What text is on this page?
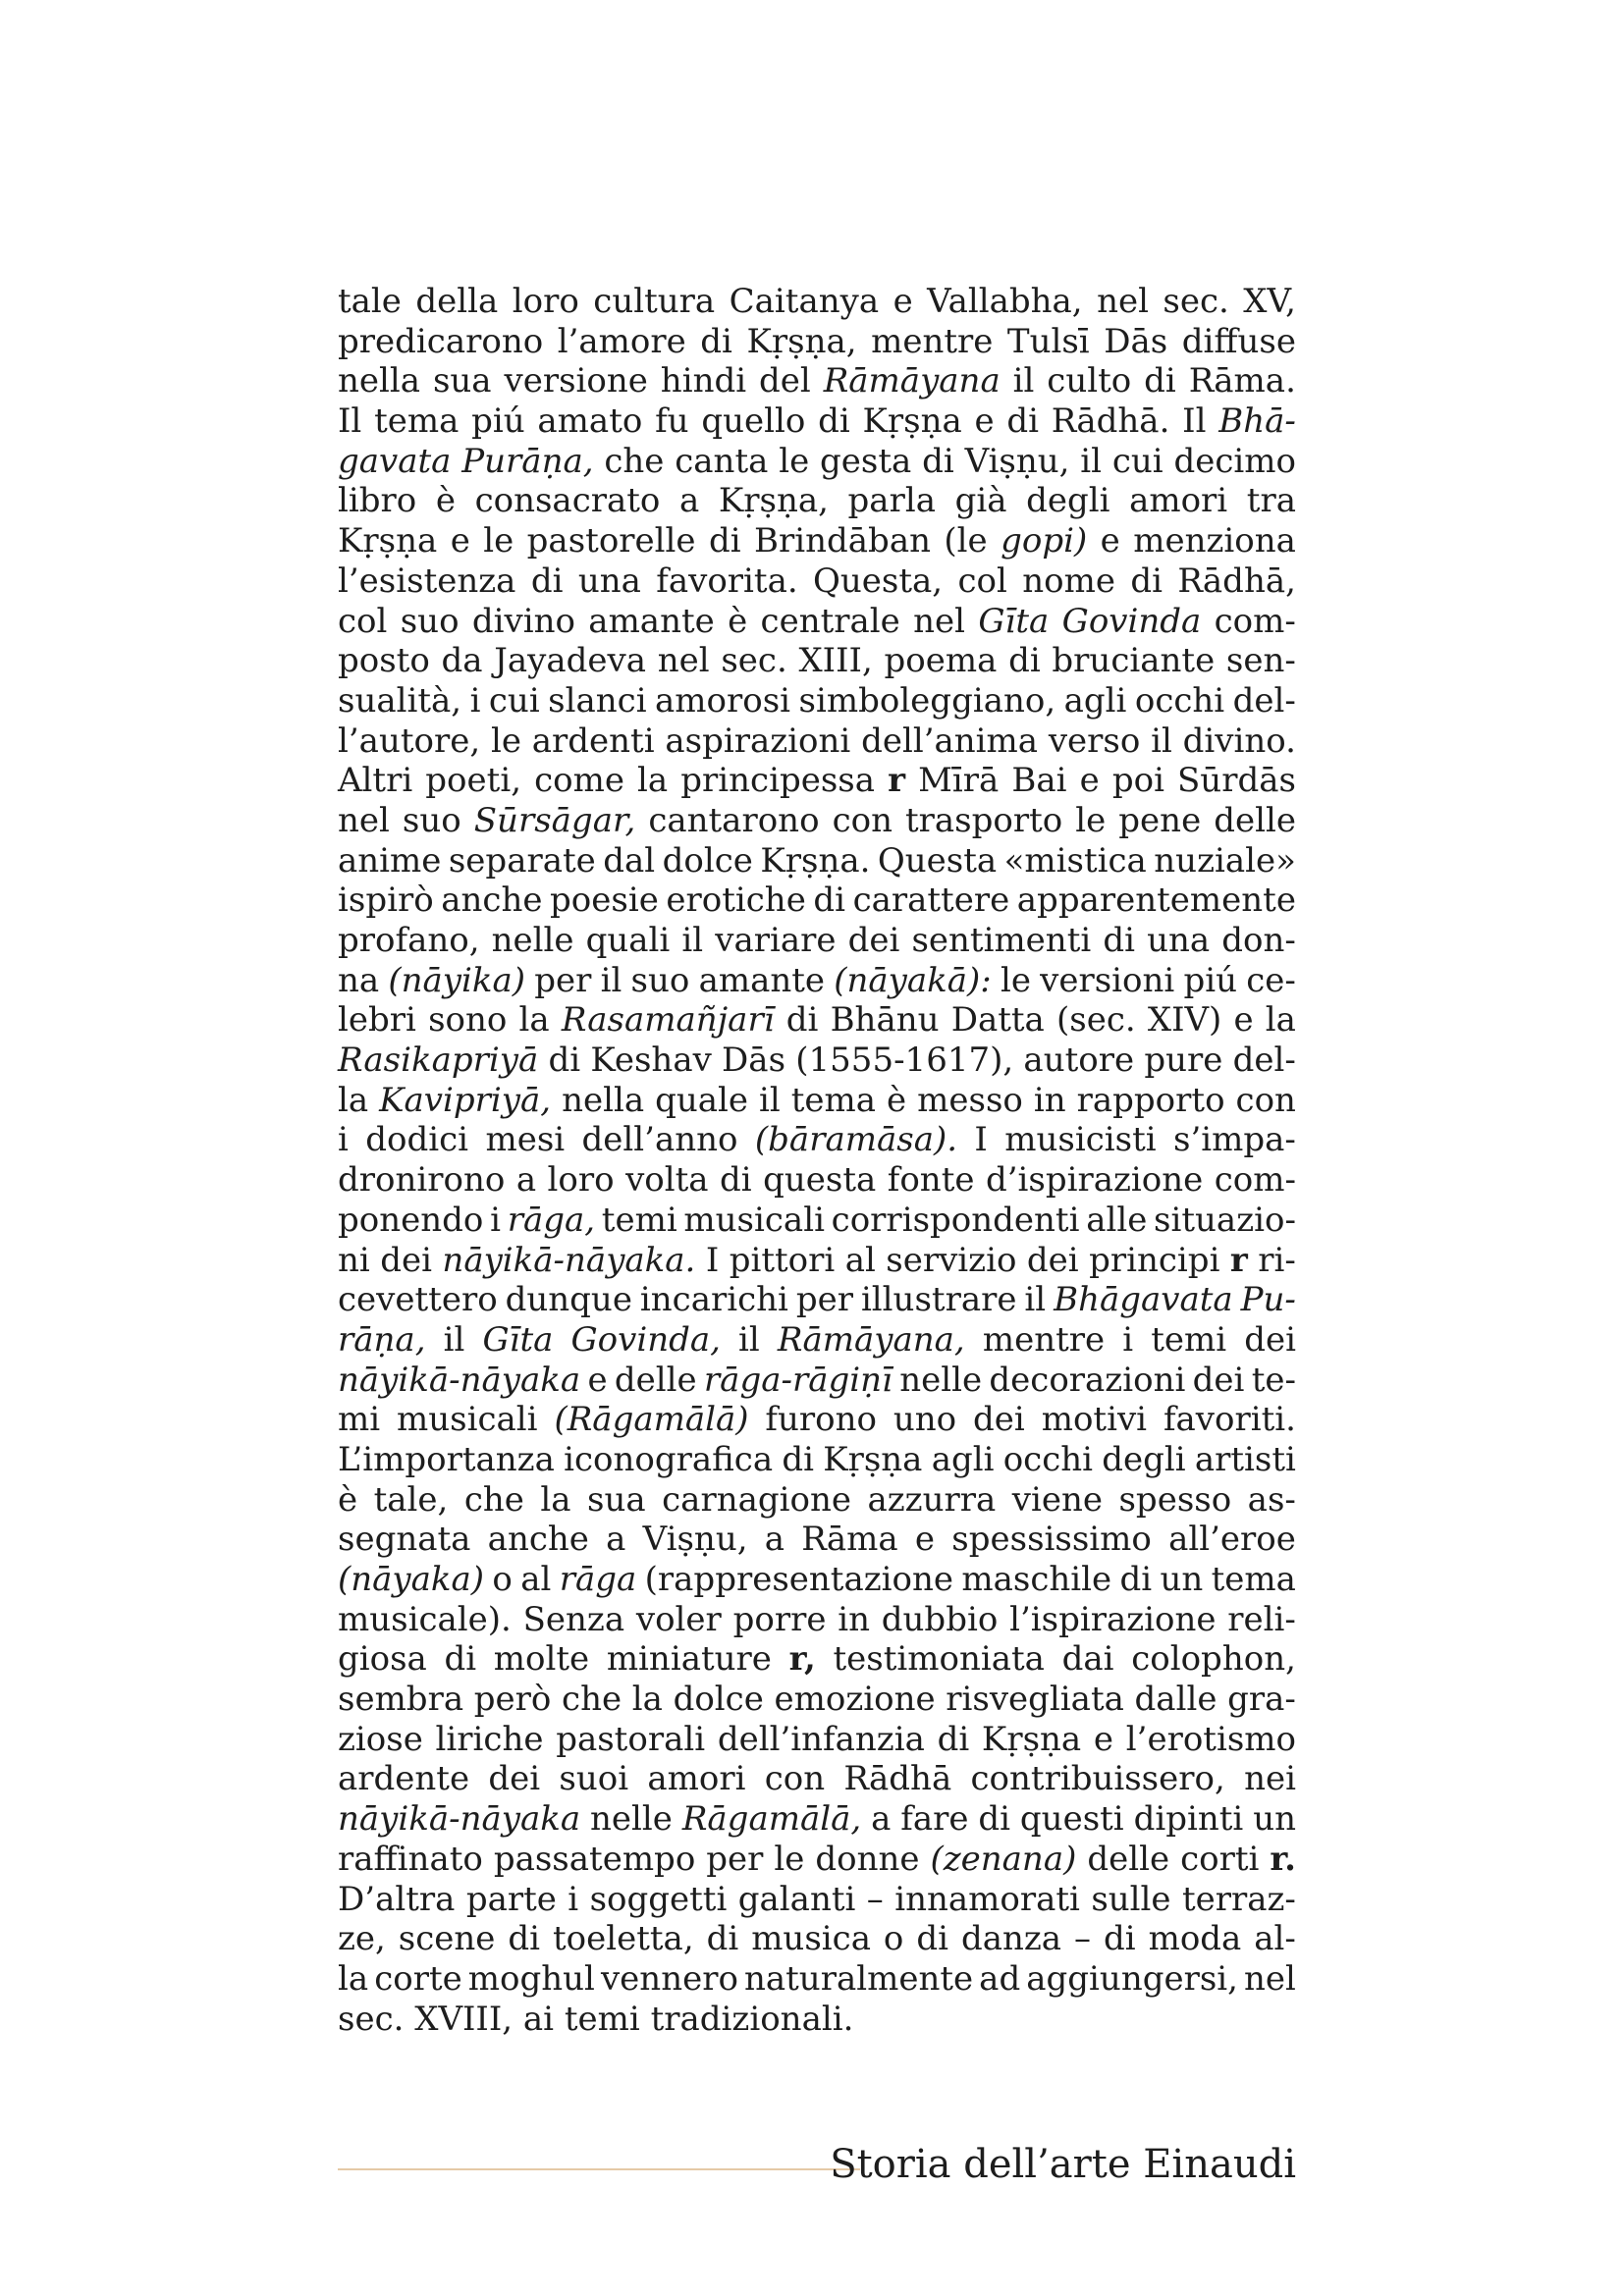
tale della loro cultura Caitanya e Vallabha, nel sec. XV,
predicarono l’amore di Kṛṣṇa, mentre Tulsī Dās diffuse
nella sua versione hindi del Rāmāyana il culto di Rāma.
Il tema piú amato fu quello di Kṛṣṇa e di Rādhā. Il Bhā-
gavata Purāṇa, che canta le gesta di Viṣṇu, il cui decimo
libro è consacrato a Kṛṣṇa, parla già degli amori tra
Kṛṣṇa e le pastorelle di Brindāban (le gopi) e menziona
l’esistenza di una favorita. Questa, col nome di Rādhā,
col suo divino amante è centrale nel Gīta Govinda com-
posto da Jayadeva nel sec. XIII, poema di bruciante sen-
sualità, i cui slanci amorosi simboleggiano, agli occhi del-
l’autore, le ardenti aspirazioni dell’anima verso il divino.
Altri poeti, come la principessa r Mīrā Bai e poi Sūrdās
nel suo Sūrsāgar, cantarono con trasporto le pene delle
anime separate dal dolce Kṛṣṇa. Questa «mistica nuziale»
ispirò anche poesie erotiche di carattere apparentemente
profano, nelle quali il variare dei sentimenti di una don-
na (nāyika) per il suo amante (nāyakā): le versioni piú ce-
lebri sono la Rasamañjarī di Bhānu Datta (sec. XIV) e la
Rasikapriyā di Keshav Dās (1555-1617), autore pure del-
la Kavipriyā, nella quale il tema è messo in rapporto con
i dodici mesi dell’anno (bāramāsa). I musicisti s’impa-
dronirono a loro volta di questa fonte d’ispirazione com-
ponendo i rāga, temi musicali corrispondenti alle situazio-
ni dei nāyikā-nāyaka. I pittori al servizio dei principi r ri-
cevettero dunque incarichi per illustrare il Bhāgavata Pu-
rāṇa, il Gīta Govinda, il Rāmāyana, mentre i temi dei
nāyikā-nāyaka e delle rāga-rāgiṇī nelle decorazioni dei te-
mi musicali (Rāgamālā) furono uno dei motivi favoriti.
L’importanza iconografica di Kṛṣṇa agli occhi degli artisti
è tale, che la sua carnagione azzurra viene spesso as-
segnata anche a Viṣṇu, a Rāma e spessissimo all’eroe
(nāyaka) o al rāga (rappresentazione maschile di un tema
musicale). Senza voler porre in dubbio l’ispirazione reli-
giosa di molte miniature r, testimoniata dai colophon,
sembra però che la dolce emozione risvegliata dalle gra-
ziose liriche pastorali dell’infanzia di Kṛṣṇa e l’erotismo
ardente dei suoi amori con Rādhā contribuissero, nei
nāyikā-nāyaka nelle Rāgamālā, a fare di questi dipinti un
raffinato passatempo per le donne (zenana) delle corti r.
D’altra parte i soggetti galanti – innamorati sulle terraz-
ze, scene di toeletta, di musica o di danza – di moda al-
la corte moghul vennero naturalmente ad aggiungersi, nel
sec.
XVIII,
ai
temi
tradizionali.
Storia dell’arte Einaudi
